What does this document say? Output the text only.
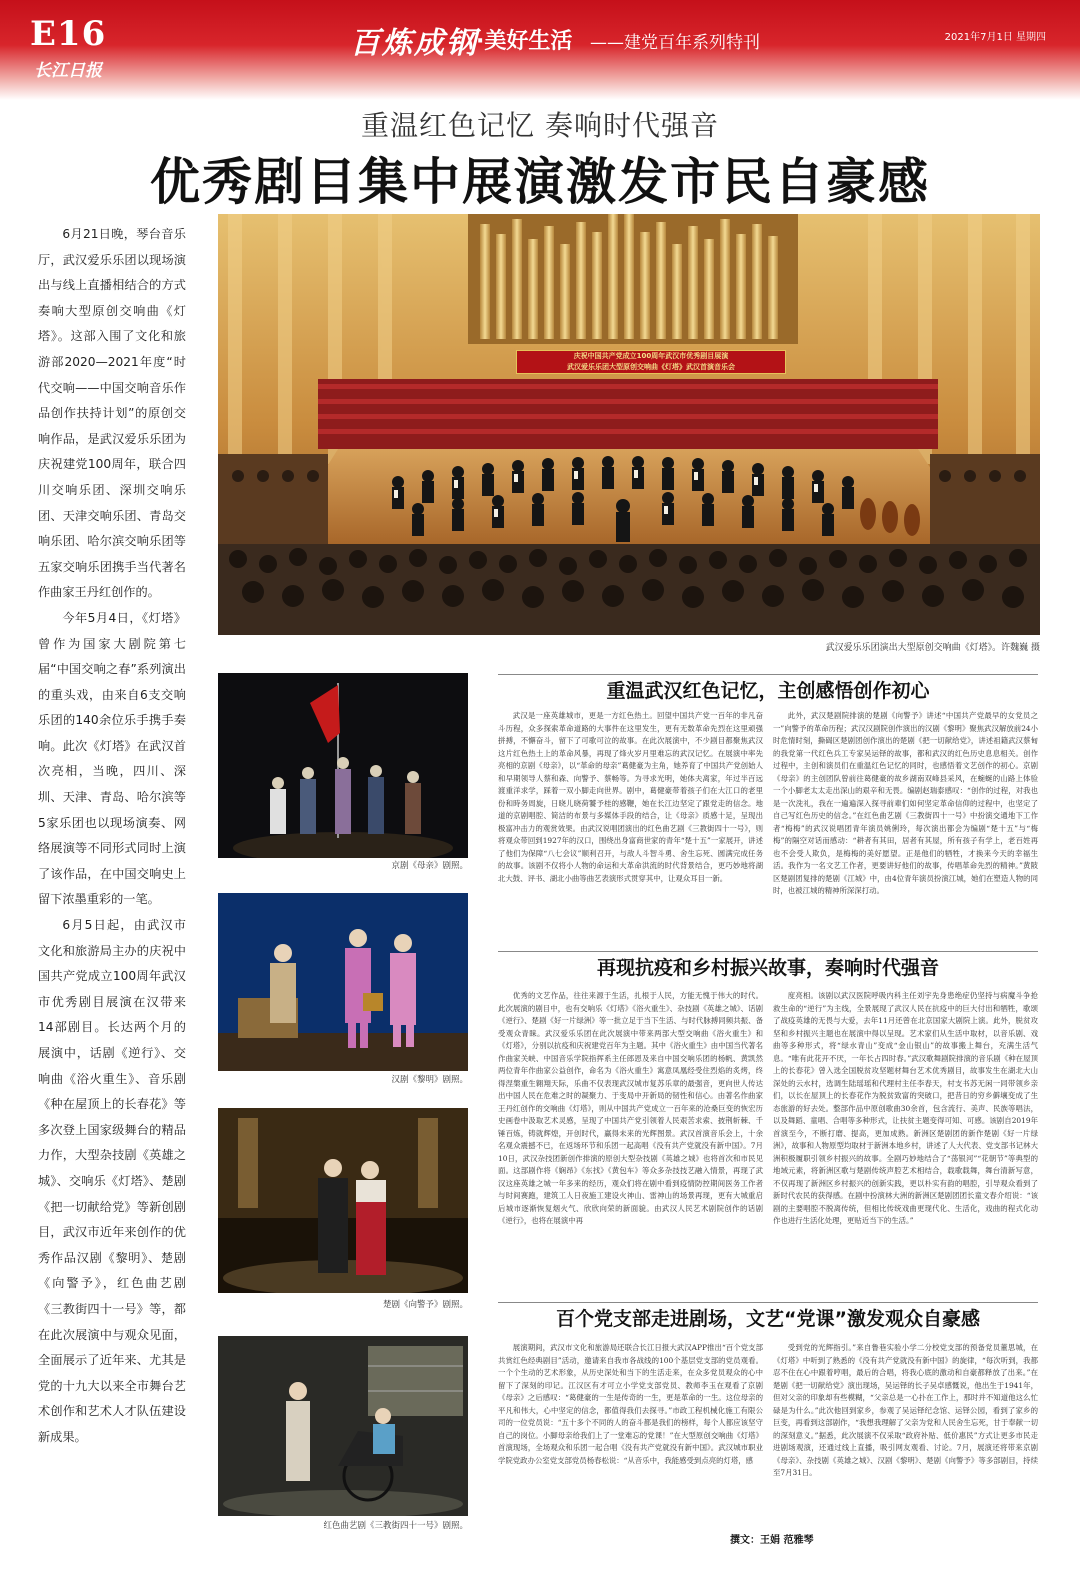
E16
长江日报
百炼成钢
·美好生活 ——建党百年系列特刊	2021年7月1日 星期四
重温红色记忆 奏响时代强音
优秀剧目集中展演激发市民自豪感

6月21日晚，琴台音乐厅，武汉爱乐乐团以现场演出与线上直播相结合的方式奏响大型原创交响曲《灯塔》。这部入围了文化和旅游部2020—2021年度“时代交响——中国交响音乐作品创作扶持计划”的原创交响作品，是武汉爱乐乐团为庆祝建党100周年，联合四川交响乐团、深圳交响乐团、天津交响乐团、青岛交响乐团、哈尔滨交响乐团等五家交响乐团携手当代著名作曲家王丹红创作的。

今年5月4日，《灯塔》曾作为国家大剧院第七届“中国交响之春”系列演出的重头戏，由来自6支交响乐团的140余位乐手携手奏响。此次《灯塔》在武汉首次亮相，当晚，四川、深圳、天津、青岛、哈尔滨等5家乐团也以现场演奏、网络展演等不同形式同时上演了该作品，在中国交响史上留下浓墨重彩的一笔。

6月5日起，由武汉市文化和旅游局主办的庆祝中国共产党成立100周年武汉市优秀剧目展演在汉带来14部剧目。长达两个月的展演中，话剧《逆行》、交响曲《浴火重生》、音乐剧《种在屋顶上的长春花》等多次登上国家级舞台的精品力作，大型杂技剧《英雄之城》、交响乐《灯塔》、楚剧《把一切献给党》等新创剧目，武汉市近年来创作的优秀作品汉剧《黎明》、楚剧《向警予》，红色曲艺剧《三教街四十一号》等，都在此次展演中与观众见面，全面展示了近年来、尤其是党的十九大以来全市舞台艺术创作和艺术人才队伍建设新成果。

庆祝中国共产党成立100周年武汉市优秀剧目展演
武汉爱乐乐团大型原创交响曲《灯塔》武汉首演音乐会
武汉爱乐乐团演出大型原创交响曲《灯塔》。许魏巍 摄
京剧《母亲》剧照。
汉剧《黎明》剧照。
楚剧《向警予》剧照。
红色曲艺剧《三教街四十一号》剧照。
重温武汉红色记忆，主创感悟创作初心

武汉是一座英雄城市，更是一方红色热土。回望中国共产党一百年的非凡奋斗历程，众多探索革命道路的大事件在这里发生，更有无数革命先烈在这里顽强拼搏，不懈奋斗，留下了可歌可泣的故事。在此次展演中，不少剧目都聚焦武汉这片红色热土上的革命风暴，再现了烽火岁月里难忘的武汉记忆。在展演中率先亮相的京剧《母亲》，以“革命的母亲”葛健豪为主角，她养育了中国共产党创始人和早期领导人蔡和森、向警予、蔡畅等。为寻求光明，她体夫离家，年过半百远渡重洋求学，踩着一双小脚走向世界。剧中，葛健豪带着孩子们在大江口的老里份和時务周旋，日晓儿晓荷饕予桂的感鞭，她在长江边坚定了跟党走的信念。地道的京剧唱腔、简洁的布景与多媒体手段的结合，让《母亲》质感十足，呈现出极富冲击力的观赏效果。由武汉说唱团演出的红色曲艺剧《三教街四十一号》，则将观众带回到1927年的汉口，围绕出身富商世家的青年“楚十五”一家展开，讲述了他们为保障“八七会议”顺利召开，与敌人斗智斗勇、舍生忘死、圆满完成任务的故事。该剧不仅将小人物的命运和大革命洪流的时代背景结合，更巧妙地将湖北大鼓、评书、湖北小曲等曲艺表演形式贯穿其中，让观众耳目一新。

此外，武汉楚剧院排演的楚剧《向警予》讲述“中国共产党最早的女党员之一”向警予的革命历程；武汉汉剧院创作演出的汉剧《黎明》聚焦武汉解放前24小时危情时刻，撕碣区楚剧团创作演出的楚剧《把一切献给党》，讲述祖籍武汉蔡甸的我党第一代红色兵工专家吴运铎的故事，都和武汉的红色历史息息相关。创作过程中，主创和演员们在重温红色记忆的同时，也感悟着文艺创作的初心。京剧《母亲》的主创团队曾前往葛健豪的故乡湖南双峰县采风，在蜿蜒的山路上体验一个小脚老太太走出深山的艰辛和无畏。编剧赵瑞泰感叹：“创作的过程，对我也是一次洗礼，我在一遍遍深入探寻前辈们如何坚定革命信仰的过程中，也坚定了自己写红色历史的信念。”在红色曲艺剧《三教街四十一号》中扮演交通地下工作者“梅梅”的武汉说唱团青年演员姚俐玲，每次演出都会为编剧“楚十五”与“梅梅”的隔空对话而感动：“耕者有其田，居者有其屋，所有孩子有学上，老百姓再也不会受人欺负，是梅梅的美好愿望。正是他们的牺牲，才换来今天的幸福生活。我作为一名文艺工作者，更要讲好他们的故事，传唱革命先烈的精神。”黄陂区楚剧团复排的楚剧《江城》中，由4位青年演员扮演江城，她们在塑造人物的同时，也被江城的精神所深深打动。

再现抗疫和乡村振兴故事，奏响时代强音

优秀的文艺作品，往往来源于生活，扎根于人民，方能无愧于伟大的时代。此次展演的剧目中，也有交响乐《灯塔》《浴火重生》、杂技剧《英雄之城》、话剧《逆行》、楚剧《好一片绿洲》等一批立足于当下生活、与时代脉搏同频共振、备受观众青睐。武汉爱乐乐团在此次展演中带来两部大型交响曲《浴火重生》和《灯塔》，分别以抗疫和庆祝建党百年为主题。其中《浴火重生》由中国当代著名作曲家关峡、中国音乐学院指挥系主任郎恩及来自中国交响乐团的杨帆、黄凯然两位青年作曲家公益创作，命名为《浴火重生》寓意凤凰经受住烈焰的炙烤，终得涅槃重生翱翔天际，乐曲不仅表现武汉城市复苏乐章的最强音，更向世人传达出中国人民在危难之时的凝聚力、于变局中开新局的韧性和信心。由著名作曲家王丹红创作的交响曲《灯塔》，则从中国共产党成立一百年来的沧桑巨变的恢宏历史画卷中汲取艺术灵感，呈现了中国共产党引领着人民艰苦求索、披荆斩棘、千锤百炼，铸就辉煌，开创时代，赢得未来的光辉图景。武汉首演音乐会上，十余名观众震撼不已，在返场环节和乐团一起高唱《没有共产党就没有新中国》。7月10日，武汉杂技团新创作排演的原创大型杂技剧《英雄之城》也将首次和市民见面。这部剧作将《娴昂》《东找》《黄包车》等众多杂技技艺融入情景，再现了武汉这座英雄之城一年多来的经历，观众们将在剧中看到疫情防控期间医务工作者与时间赛跑，建筑工人日夜施工建设火神山、雷神山的场景再现，更有大城重启后城市逐渐恢复烟火气、欣欣向荣的新面貌。由武汉人民艺术剧院创作的话剧《逆行》，也将在展演中再

度亮相。该剧以武汉医院呼吸内科主任刘宇先身患绝症仍坚持与病魔斗争抢救生命的“逆行”为主线，全景展现了武汉人民在抗疫中的巨大付出和牺牲，歌颂了战疫英雄的无畏与大爱，去年11月还曾在北京国家大剧院上演。此外，脱贫攻坚和乡村振兴主题也在展演中得以呈现。艺术家们从生活中取材，以音乐剧、戏曲等多种形式，将“绿水青山”变成“金山银山”的故事搬上舞台，充满生活气息。“唯有此花开不厌，一年长占四时春。”武汉歌舞剧院排演的音乐剧《种在屋顶上的长春花》曾入选全国脱贫攻坚题材舞台艺术优秀剧目，故事发生在湖北大山深处的云水村，选调生陆瑶瑶和代理村主任李春天，村支书苏无闲一同带领乡亲们，以长在屋顶上的长春花作为脱贫致富的突破口，把昔日的穷乡僻壤变成了生态旅游的好去处。整部作品中原创歌曲30余首，包含流行、美声、民族等唱法，以及舞蹈、童唱、合唱等多种形式，让扶贫主题变得可知、可感。该剧自2019年首演至今，不断打磨、提高，更加成熟。新洲区楚剧团的新作楚剧《好一片绿洲》，故事和人物原型均取材于新洲本地乡村，讲述了人大代表、党支部书记林大洲积极履职引领乡村振兴的故事。全剧巧妙地结合了“荡银河”“花朝节”等典型的地域元素，将新洲区歌与楚剧传统声腔艺术相结合，载歌载舞，舞台清新写意，不仅再现了新洲区乡村振兴的创新实践，更以朴实有韵的唱腔，引导观众看到了新时代农民的获得感。在剧中扮演林大洲的新洲区楚剧团团长童文春介绍说：“该剧的主要唱腔不脱离传统，但相比传统戏曲更现代化、生活化，戏曲的程式化动作也进行生活化处理，更贴近当下的生活。”

百个党支部走进剧场，文艺“党课”激发观众自豪感

展演期间，武汉市文化和旅游局还联合长江日报大武汉APP推出“百个党支部共赏红色经典剧目”活动，邀请来自我市各战线的100个基层党支部的党员观看。一个个生动的艺术形象，从历史深处和当下的生活走来，在众多党员观众的心中留下了深刻的印记。江汉区有才可立小学党支部党员、教师李玉在观看了京剧《母亲》之后感叹：“葛健豪的一生是传奇的一生，更是革命的一生。这位母亲的平凡和伟大，心中坚定的信念，都值得我们去探寻。”市政工程机械化施工有限公司的一位党员说：“五十多个不同的人的奋斗都是我们的榜样，每个人都应该坚守自己的岗位。小脚母亲给我们上了一堂难忘的党课！”在大型原创交响曲《灯塔》首演现场，全场观众和乐团一起合唱《没有共产党就没有新中国》。武汉城市职业学院党政办公室党支部党员杨春松说：“从音乐中，我能感受到点亮的灯塔，感

受到党的光辉指引。”来自鲁巷实验小学二分校党支部的预备党员董思城，在《灯塔》中听到了熟悉的《没有共产党就没有新中国》的旋律，“每次听到，我都忍不住在心中跟着哼唱，最后的合唱，将我心底的激动和自豪都释放了出来。”在楚剧《把一切献给党》演出现场，吴运铎的长子吴卓感慨说，他出生于1941年，但对父亲的印象却有些模糊，“父亲总是一心扑在工作上，那时并不知道他这么忙碌是为什么。”此次他回到家乡，参观了吴运铎纪念馆、运铎公园，看到了家乡的巨变，再看到这部剧作，“我想我理解了父亲为党和人民舍生忘死，甘于奉献一切的深刻意义。”据悉，此次展演不仅采取“政府补贴、低价惠民”方式让更多市民走进剧场观演，还通过线上直播，吸引网友观看、讨论。7月，展演还将带来京剧《母亲》、杂技剧《英雄之城》、汉剧《黎明》、楚剧《向警予》等多部剧目，持续至7月31日。

撰文：王娟 范雅琴
